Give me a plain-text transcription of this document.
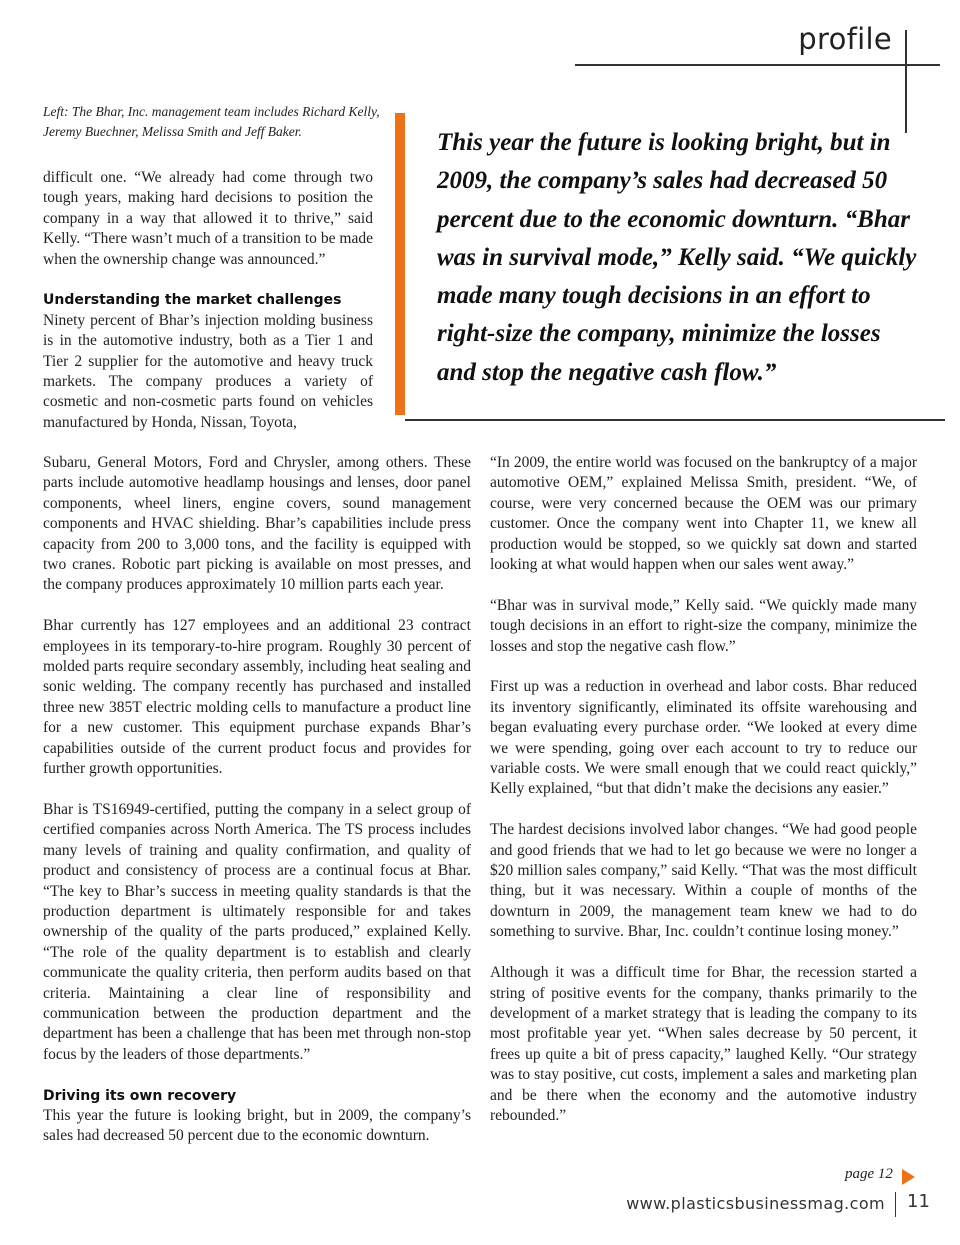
profile
Left: The Bhar, Inc. management team includes Richard Kelly, Jeremy Buechner, Melissa Smith and Jeff Baker.

difficult one. “We already had come through two tough years, making hard decisions to position the company in a way that allowed it to thrive,” said Kelly. “There wasn’t much of a transition to be made when the ownership change was announced.”

Understanding the market challenges

Ninety percent of Bhar’s injection molding business is in the automotive industry, both as a Tier 1 and Tier 2 supplier for the automotive and heavy truck markets. The company produces a variety of cosmetic and non-cosmetic parts found on vehicles manufactured by Honda, Nissan, Toyota,

This year the future is looking bright, but in 2009, the company’s sales had decreased 50 percent due to the economic downturn. “Bhar was in survival mode,” Kelly said. “We quickly made many tough decisions in an effort to right-size the company, minimize the losses and stop the negative cash flow.”

Subaru, General Motors, Ford and Chrysler, among others. These parts include automotive headlamp housings and lenses, door panel components, wheel liners, engine covers, sound management components and HVAC shielding. Bhar’s capabilities include press capacity from 200 to 3,000 tons, and the facility is equipped with two cranes. Robotic part picking is available on most presses, and the company produces approximately 10 million parts each year.

Bhar currently has 127 employees and an additional 23 contract employees in its temporary-to-hire program. Roughly 30 percent of molded parts require secondary assembly, including heat sealing and sonic welding. The company recently has purchased and installed three new 385T electric molding cells to manufacture a product line for a new customer. This equipment purchase expands Bhar’s capabilities outside of the current product focus and provides for further growth opportunities.

Bhar is TS16949-certified, putting the company in a select group of certified companies across North America. The TS process includes many levels of training and quality confirmation, and quality of product and consistency of process are a continual focus at Bhar. “The key to Bhar’s success in meeting quality standards is that the production department is ultimately responsible for and takes ownership of the quality of the parts produced,” explained Kelly. “The role of the quality department is to establish and clearly communicate the quality criteria, then perform audits based on that criteria. Maintaining a clear line of responsibility and communication between the production department and the department has been a challenge that has been met through non-stop focus by the leaders of those departments.”

Driving its own recovery

This year the future is looking bright, but in 2009, the company’s sales had decreased 50 percent due to the economic downturn.

“In 2009, the entire world was focused on the bankruptcy of a major automotive OEM,” explained Melissa Smith, president. “We, of course, were very concerned because the OEM was our primary customer. Once the company went into Chapter 11, we knew all production would be stopped, so we quickly sat down and started looking at what would happen when our sales went away.”

“Bhar was in survival mode,” Kelly said. “We quickly made many tough decisions in an effort to right-size the company, minimize the losses and stop the negative cash flow.”

First up was a reduction in overhead and labor costs. Bhar reduced its inventory significantly, eliminated its offsite warehousing and began evaluating every purchase order. “We looked at every dime we were spending, going over each account to try to reduce our variable costs. We were small enough that we could react quickly,” Kelly explained, “but that didn’t make the decisions any easier.”

The hardest decisions involved labor changes. “We had good people and good friends that we had to let go because we were no longer a $20 million sales company,” said Kelly. “That was the most difficult thing, but it was necessary. Within a couple of months of the downturn in 2009, the management team knew we had to do something to survive. Bhar, Inc. couldn’t continue losing money.”

Although it was a difficult time for Bhar, the recession started a string of positive events for the company, thanks primarily to the development of a market strategy that is leading the company to its most profitable year yet. “When sales decrease by 50 percent, it frees up quite a bit of press capacity,” laughed Kelly. “Our strategy was to stay positive, cut costs, implement a sales and marketing plan and be there when the economy and the automotive industry rebounded.”

page 12
www.plasticsbusinessmag.com 11
